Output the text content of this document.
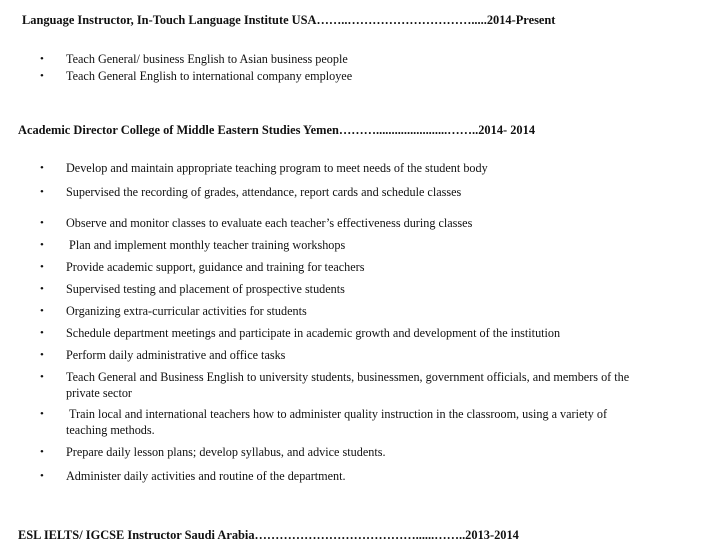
Language Instructor, In-Touch Language Institute USA……..………………………….....2014-Present
• Teach General/ business English to Asian business people
• Teach General English to international company employee
Academic Director College of Middle Eastern Studies Yemen……….......................……..2014- 2014
• Develop and maintain appropriate teaching program to meet needs of the student body
• Supervised the recording of grades, attendance, report cards and schedule classes
• Observe and monitor classes to evaluate each teacher’s effectiveness during classes
• Plan and implement monthly teacher training workshops
• Provide academic support, guidance and training for teachers
• Supervised testing and placement of prospective students
• Organizing extra-curricular activities for students
• Schedule department meetings and participate in academic growth and development of the institution
• Perform daily administrative and office tasks
• Teach General and Business English to university students, businessmen, government officials, and members of the private sector
• Train local and international teachers how to administer quality instruction in the classroom, using a variety of teaching methods.
• Prepare daily lesson plans; develop syllabus, and advice students.
• Administer daily activities and routine of the department.
ESL IELTS/ IGCSE Instructor Saudi Arabia…………………………………......……..2013-2014
